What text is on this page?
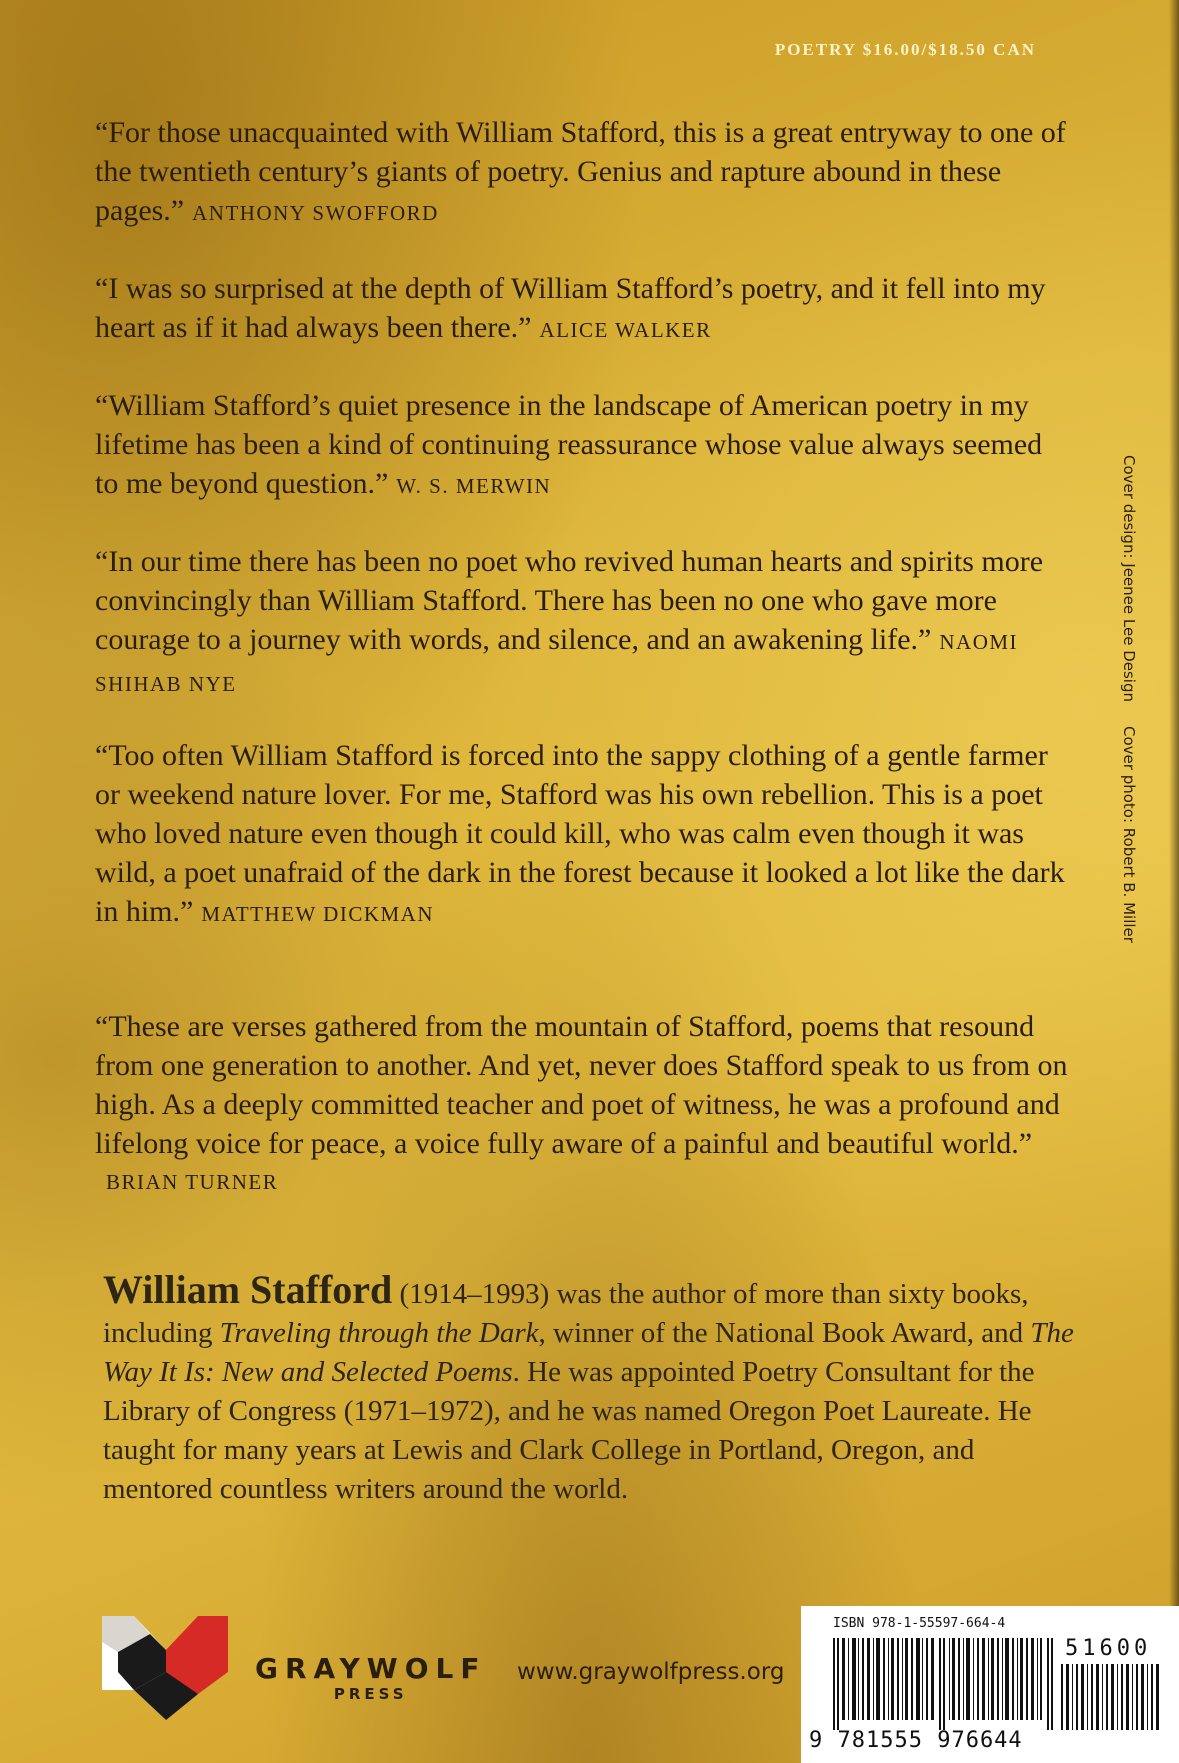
POETRY $16.00/$18.50 CAN
“For those unacquainted with William Stafford, this is a great entryway to one of the twentieth century’s giants of poetry. Genius and rapture abound in these pages.” ANTHONY SWOFFORD
“I was so surprised at the depth of William Stafford’s poetry, and it fell into my heart as if it had always been there.” ALICE WALKER
“William Stafford’s quiet presence in the landscape of American poetry in my lifetime has been a kind of continuing reassurance whose value always seemed to me beyond question.” W. S. MERWIN
“In our time there has been no poet who revived human hearts and spirits more convincingly than William Stafford. There has been no one who gave more courage to a journey with words, and silence, and an awakening life.” NAOMI SHIHAB NYE
“Too often William Stafford is forced into the sappy clothing of a gentle farmer or weekend nature lover. For me, Stafford was his own rebellion. This is a poet who loved nature even though it could kill, who was calm even though it was wild, a poet unafraid of the dark in the forest because it looked a lot like the dark in him.” MATTHEW DICKMAN
“These are verses gathered from the mountain of Stafford, poems that resound from one generation to another. And yet, never does Stafford speak to us from on high. As a deeply committed teacher and poet of witness, he was a profound and lifelong voice for peace, a voice fully aware of a painful and beautiful world.”
BRIAN TURNER
William Stafford (1914–1993) was the author of more than sixty books, including Traveling through the Dark, winner of the National Book Award, and The Way It Is: New and Selected Poems. He was appointed Poetry Consultant for the Library of Congress (1971–1972), and he was named Oregon Poet Laureate. He taught for many years at Lewis and Clark College in Portland, Oregon, and mentored countless writers around the world.
Cover design: Jeenee Lee DesignCover photo: Robert B. Miller
GRAYWOLF
PRESS
www.graywolfpress.org
ISBN 978-1-55597-664-4
51600
9 781555 976644
